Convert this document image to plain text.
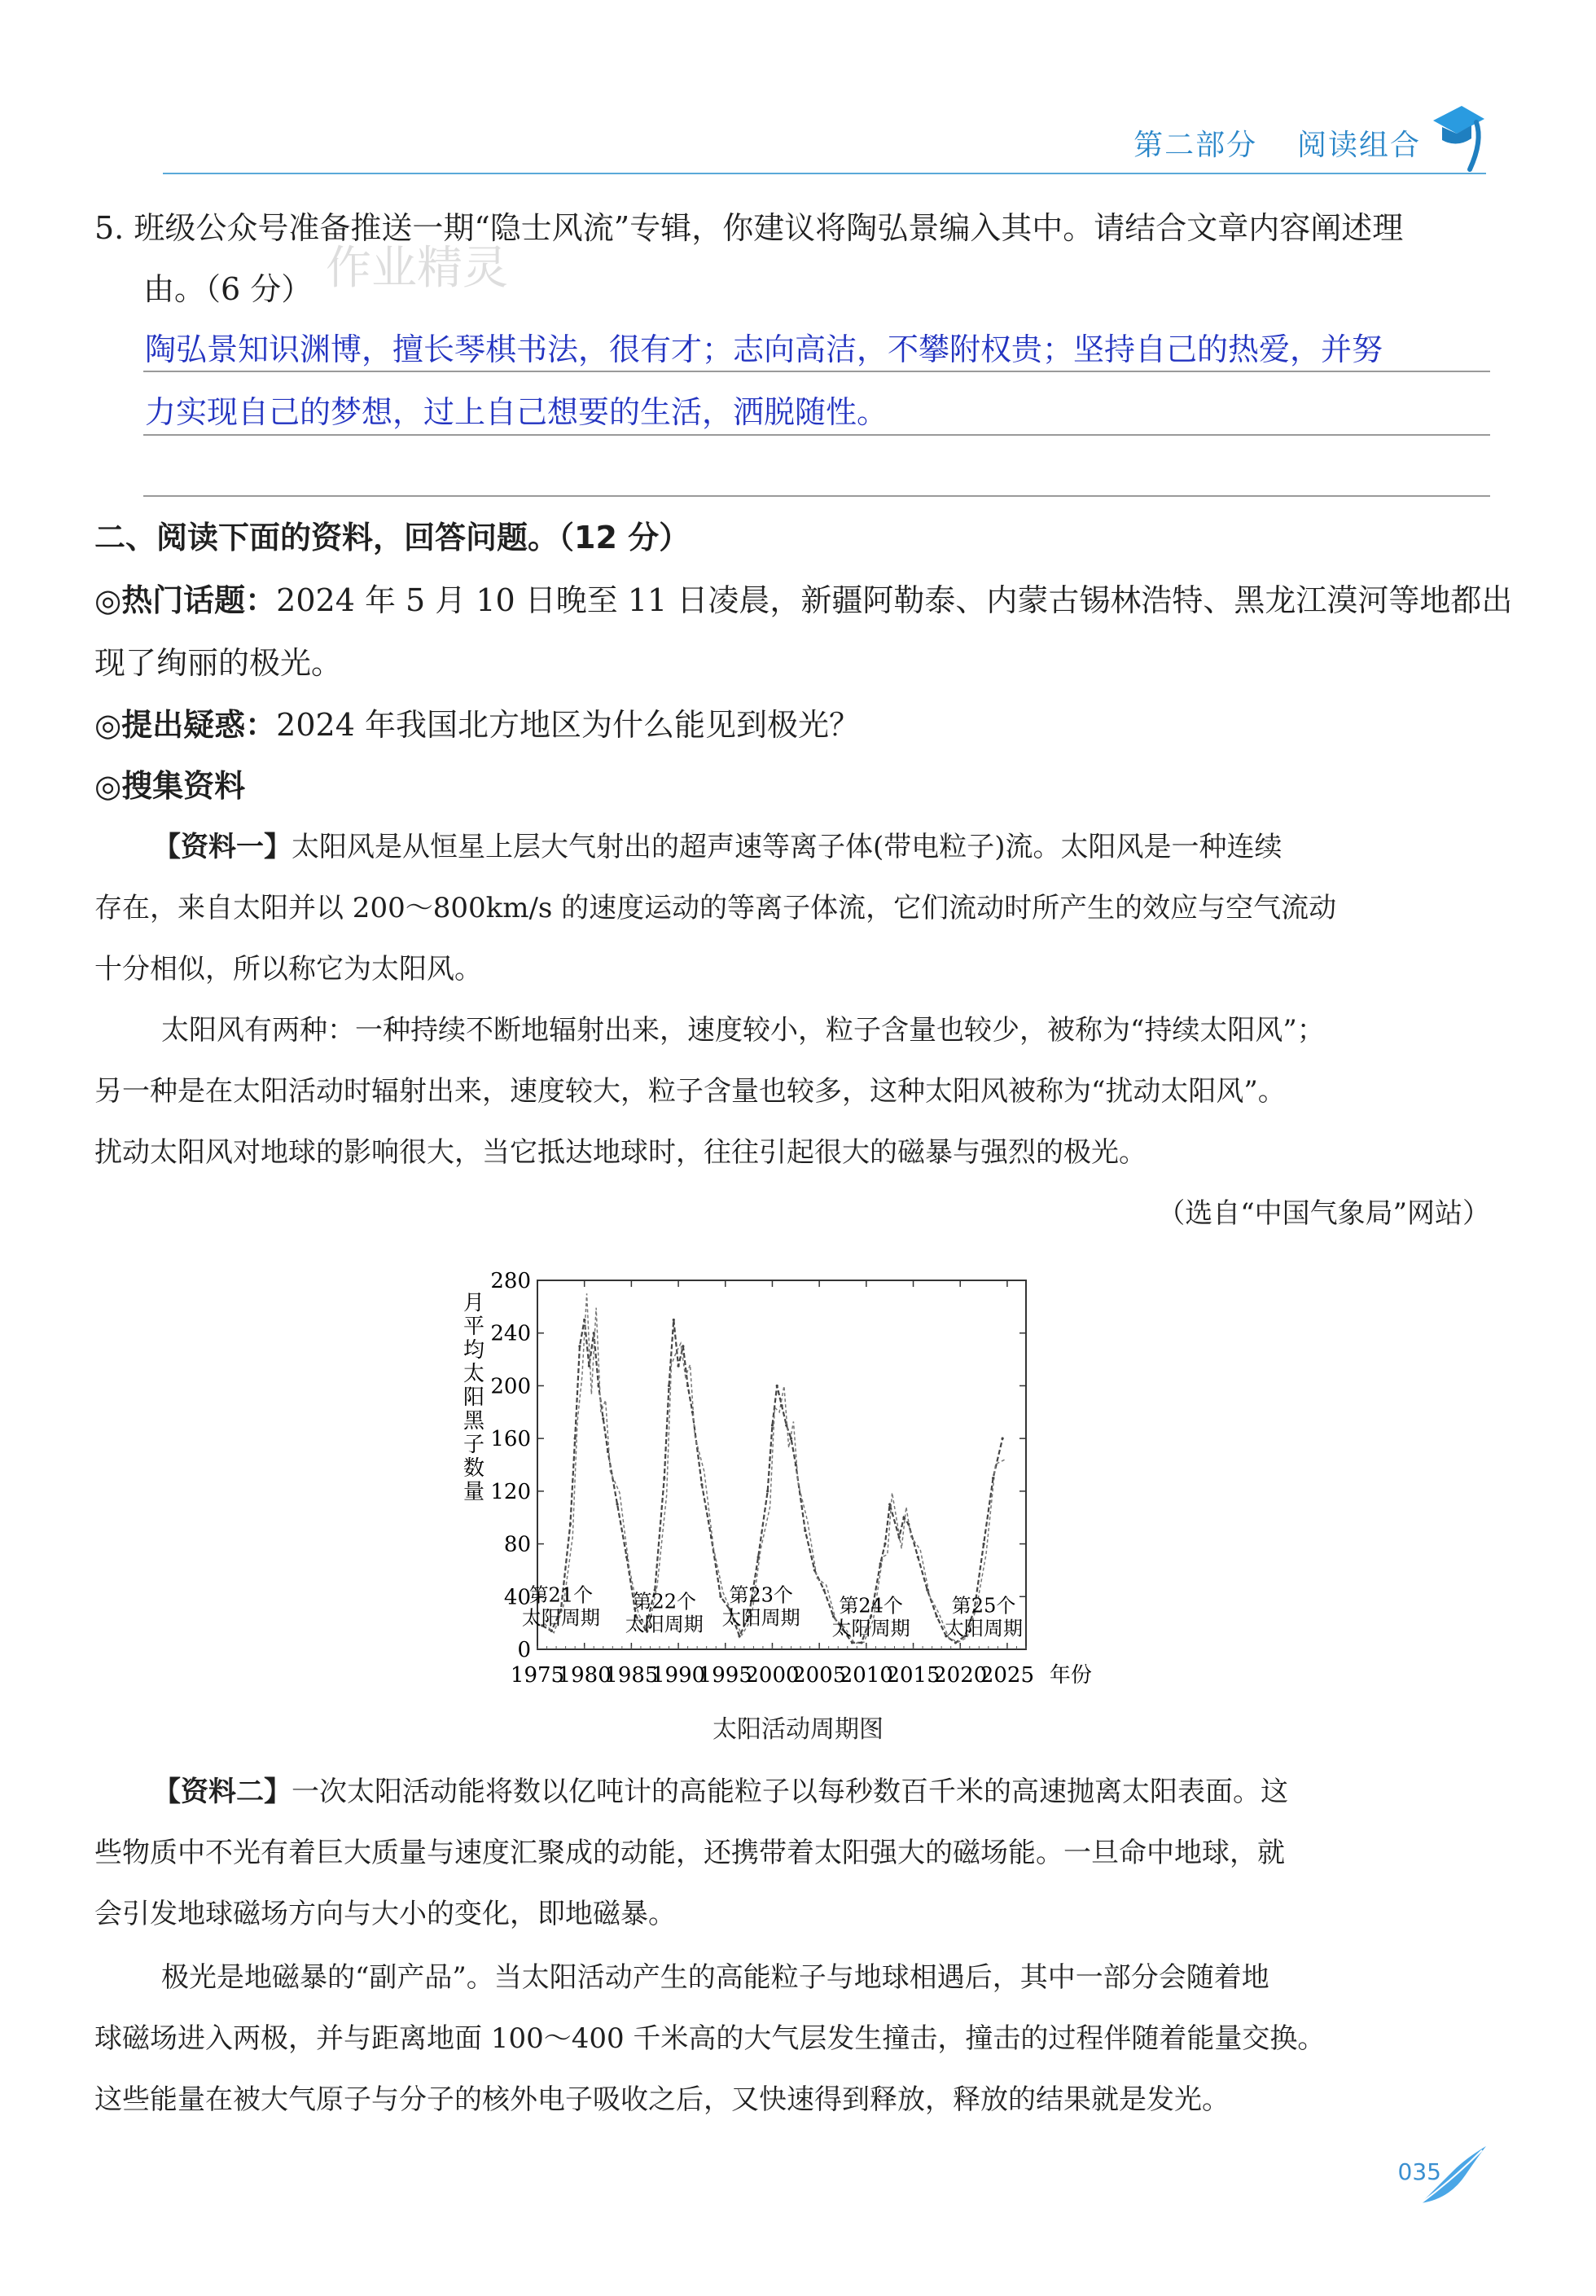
第二部分 阅读组合
5. 班级公众号准备推送一期“隐士风流”专辑，你建议将陶弘景编入其中。请结合文章内容阐述理
由。（6 分） 作业精灵
陶弘景知识渊博，擅长琴棋书法，很有才；志向高洁，不攀附权贵；坚持自己的热爱，并努
力实现自己的梦想，过上自己想要的生活，洒脱随性。
二、阅读下面的资料，回答问题。（12 分）
◎热门话题：2024 年 5 月 10 日晚至 11 日凌晨，新疆阿勒泰、内蒙古锡林浩特、黑龙江漠河等地都出
现了绚丽的极光。
◎提出疑惑：2024 年我国北方地区为什么能见到极光？
◎搜集资料
【资料一】太阳风是从恒星上层大气射出的超声速等离子体(带电粒子)流。太阳风是一种连续
存在，来自太阳并以 200～800km/s 的速度运动的等离子体流，它们流动时所产生的效应与空气流动
十分相似，所以称它为太阳风。
太阳风有两种：一种持续不断地辐射出来，速度较小，粒子含量也较少，被称为“持续太阳风”；
另一种是在太阳活动时辐射出来，速度较大，粒子含量也较多，这种太阳风被称为“扰动太阳风”。
扰动太阳风对地球的影响很大，当它抵达地球时，往往引起很大的磁暴与强烈的极光。
（选自“中国气象局”网站）
月
平
均
太
阳
黑
子
数
量
280
240
200
160
120
80
40
0
1975
1980
1985
1990
1995
2000
2005
2010
2015
2020
2025 年份
第21个太阳周期
第22个太阳周期
第23个太阳周期
第24个太阳周期
第25个太阳周期
太阳活动周期图
【资料二】一次太阳活动能将数以亿吨计的高能粒子以每秒数百千米的高速抛离太阳表面。这
些物质中不光有着巨大质量与速度汇聚成的动能，还携带着太阳强大的磁场能。一旦命中地球，就
会引发地球磁场方向与大小的变化，即地磁暴。
极光是地磁暴的“副产品”。当太阳活动产生的高能粒子与地球相遇后，其中一部分会随着地
球磁场进入两极，并与距离地面 100～400 千米高的大气层发生撞击，撞击的过程伴随着能量交换。
这些能量在被大气原子与分子的核外电子吸收之后，又快速得到释放，释放的结果就是发光。
035
